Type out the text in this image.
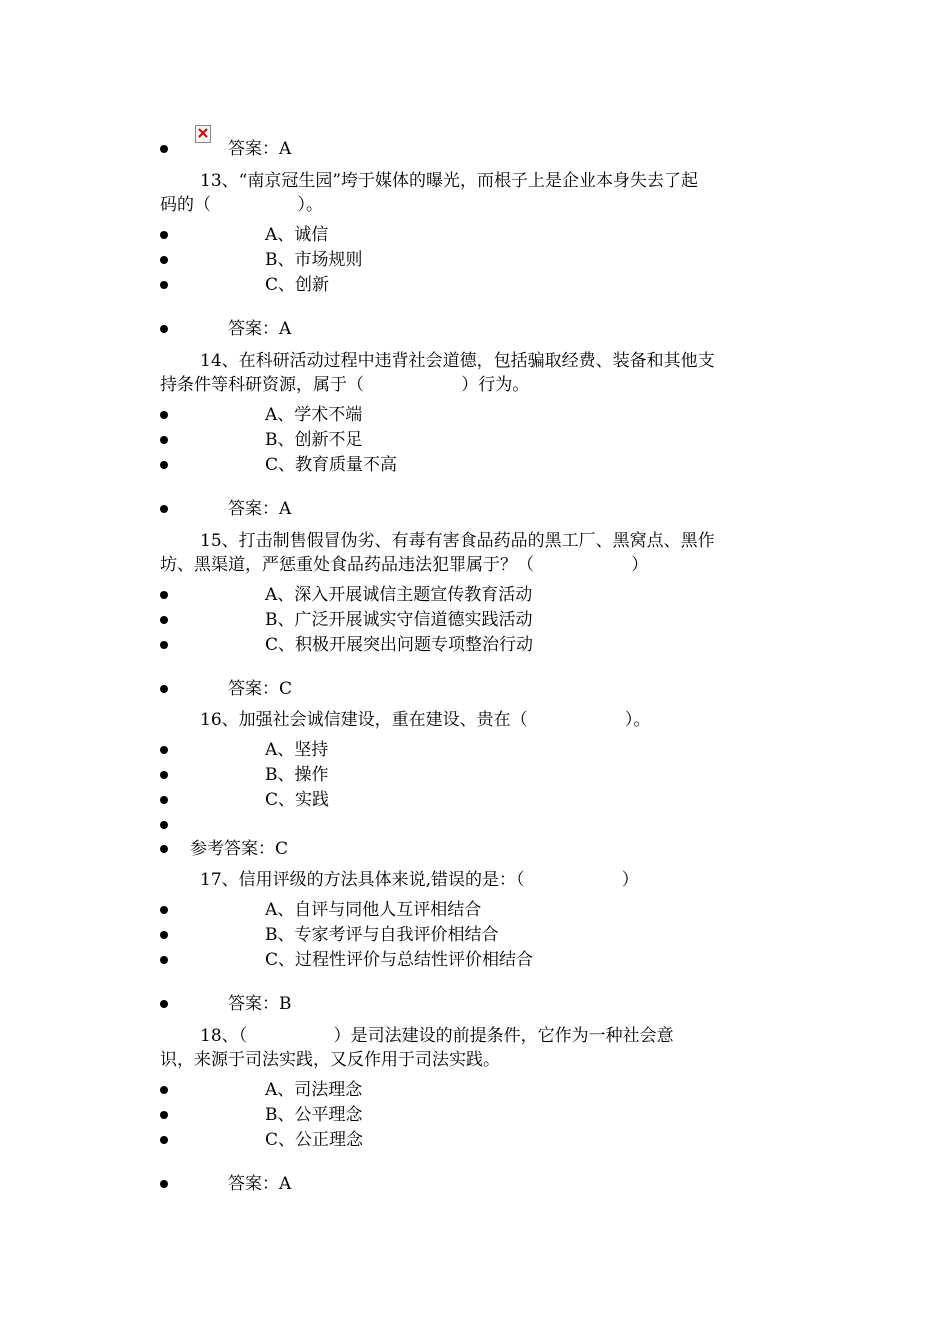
答案：A
13、“南京冠生园”垮于媒体的曝光，而根子上是企业本身失去了起
码的（                ）。
A、诚信
B、市场规则
C、创新
答案：A
14、在科研活动过程中违背社会道德，包括骗取经费、装备和其他支
持条件等科研资源，属于（                  ）行为。
A、学术不端
B、创新不足
C、教育质量不高
答案：A
15、打击制售假冒伪劣、有毒有害食品药品的黑工厂、黑窝点、黑作
坊、黑渠道，严惩重处食品药品违法犯罪属于？（                  ）
A、深入开展诚信主题宣传教育活动
B、广泛开展诚实守信道德实践活动
C、积极开展突出问题专项整治行动
答案：C
16、加强社会诚信建设，重在建设、贵在（                  ）。
A、坚持
B、操作
C、实践
参考答案：C
17、信用评级的方法具体来说,错误的是：（                  ）
A、自评与同他人互评相结合
B、专家考评与自我评价相结合
C、过程性评价与总结性评价相结合
答案：B
18、（                ）是司法建设的前提条件，它作为一种社会意
识，来源于司法实践，又反作用于司法实践。
A、司法理念
B、公平理念
C、公正理念
答案：A
